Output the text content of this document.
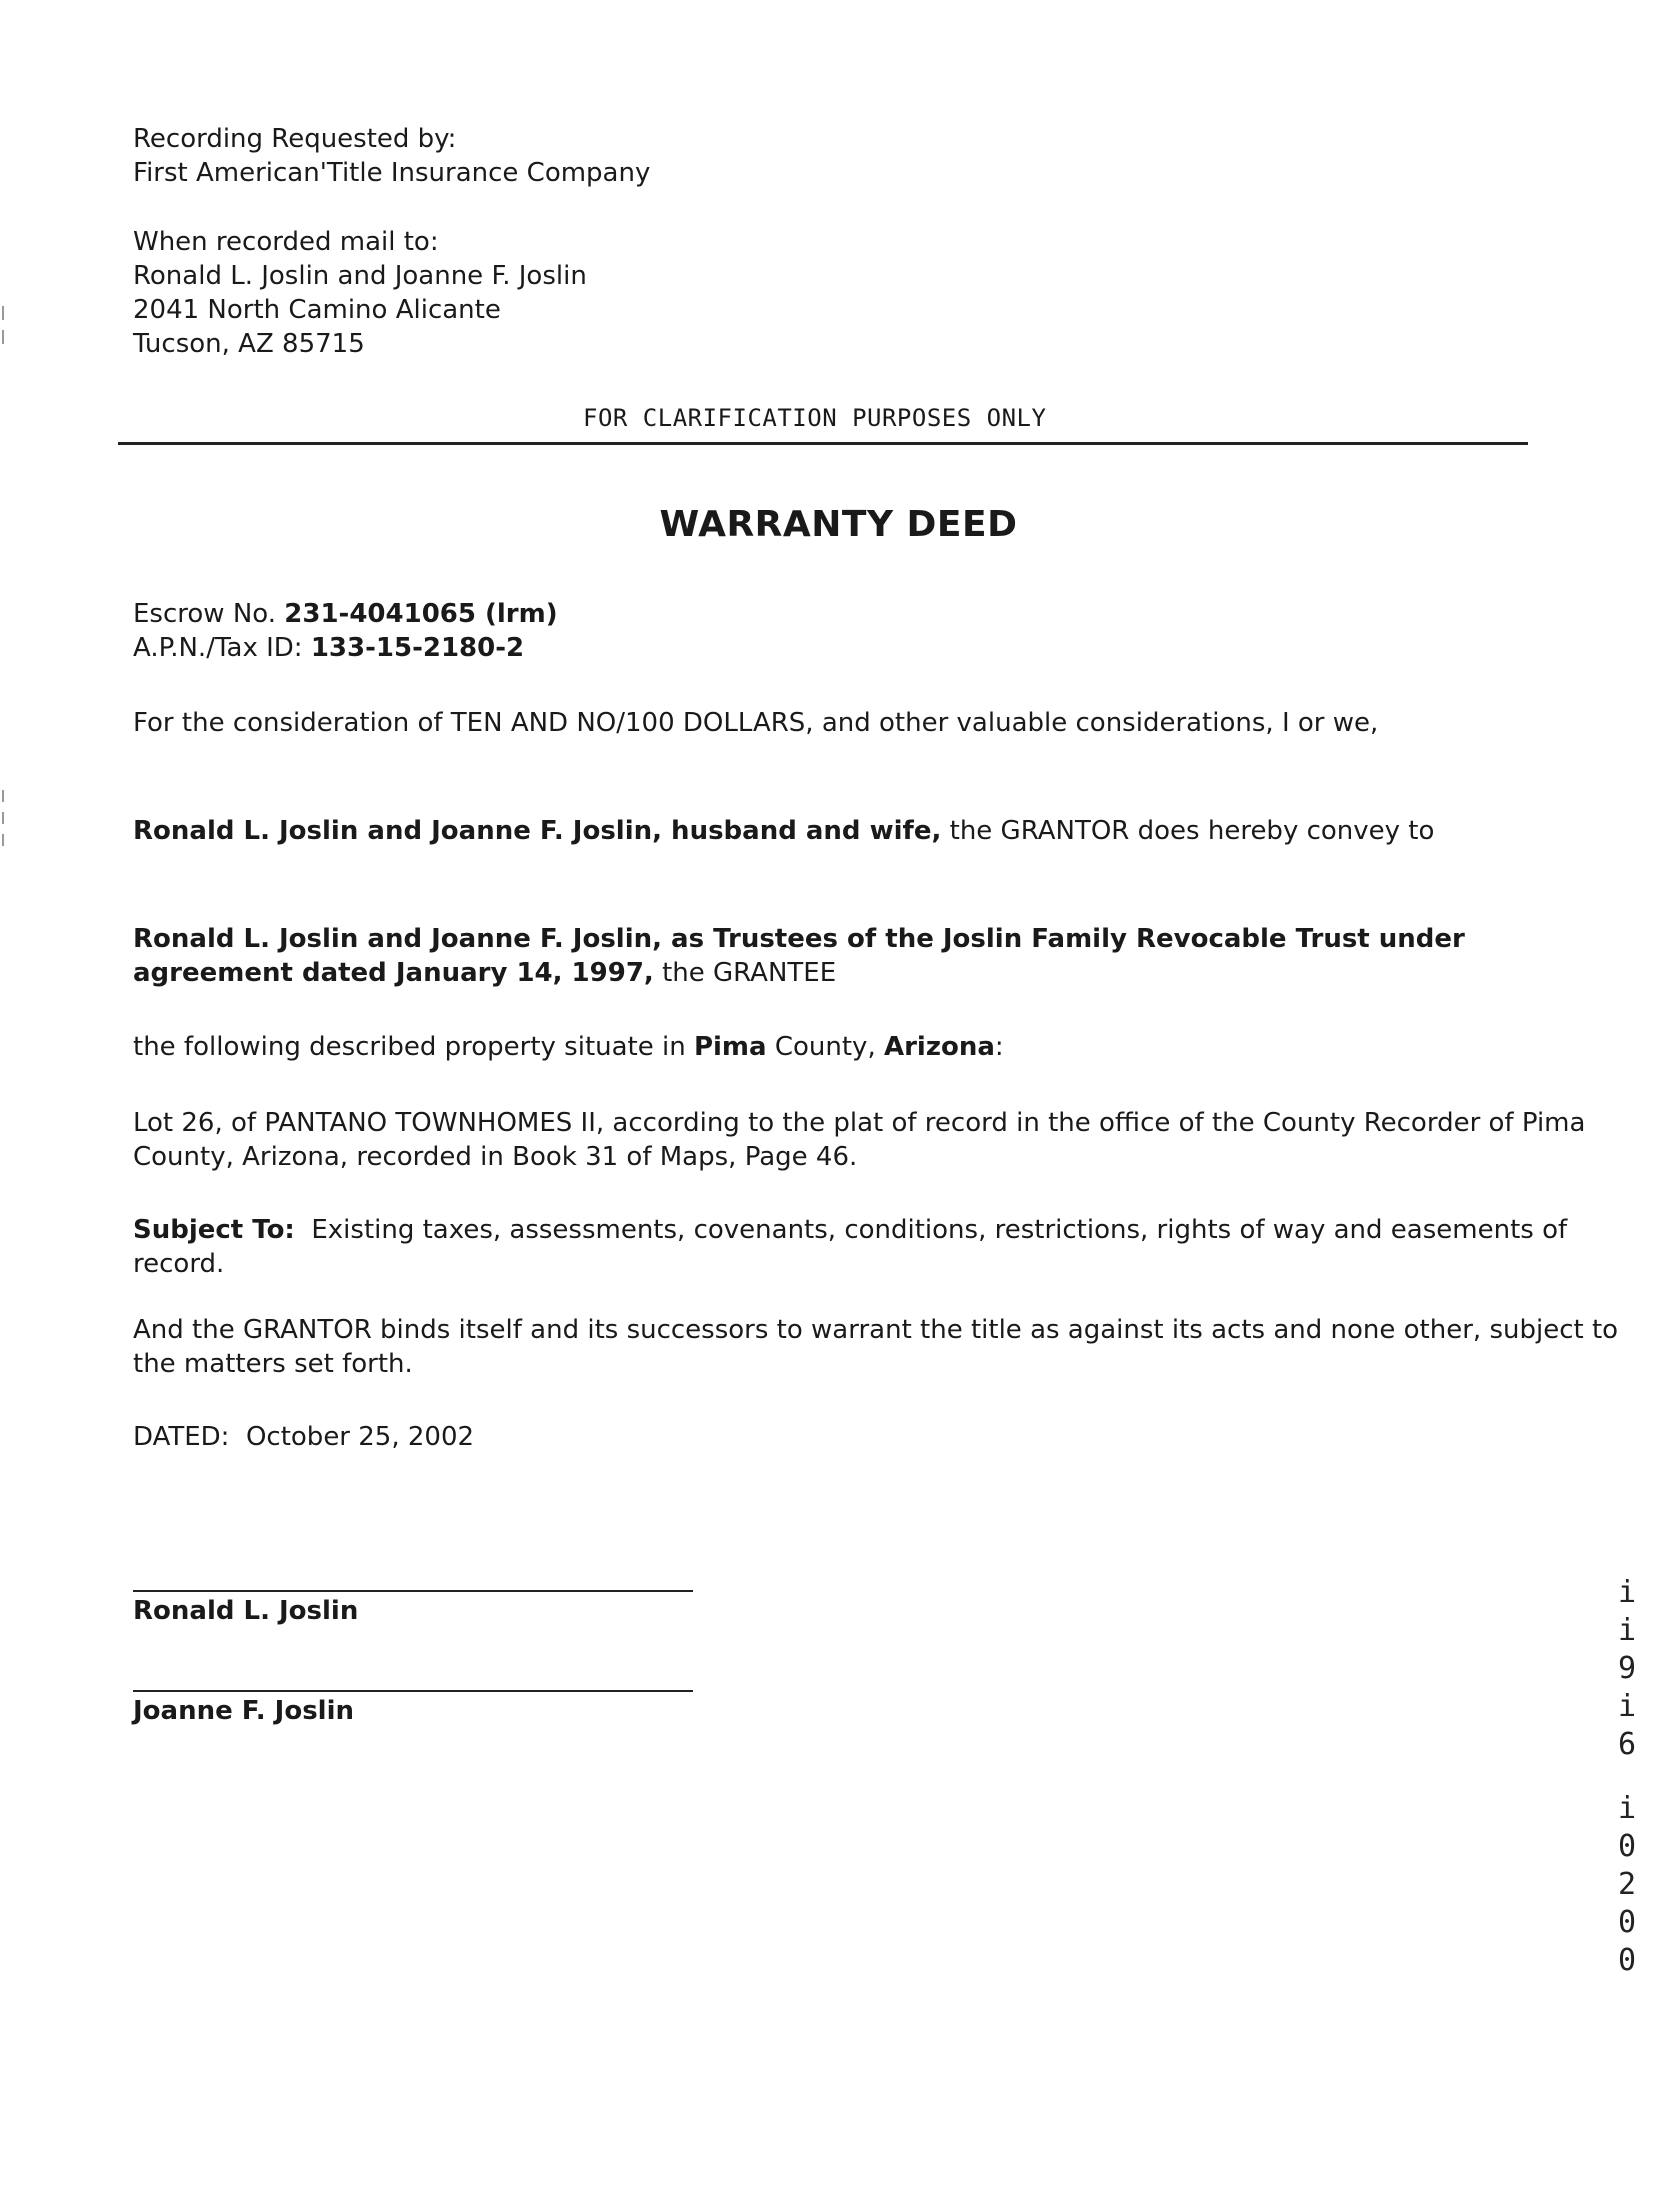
Recording Requested by:
First American'Title Insurance Company
When recorded mail to:
Ronald L. Joslin and Joanne F. Joslin
2041 North Camino Alicante
Tucson, AZ 85715
FOR CLARIFICATION PURPOSES ONLY
WARRANTY DEED
Escrow No. 231-4041065 (lrm)
A.P.N./Tax ID: 133-15-2180-2
For the consideration of TEN AND NO/100 DOLLARS, and other valuable considerations, I or we,
Ronald L. Joslin and Joanne F. Joslin, husband and wife, the GRANTOR does hereby convey to
Ronald L. Joslin and Joanne F. Joslin, as Trustees of the Joslin Family Revocable Trust under
agreement dated January 14, 1997, the GRANTEE
the following described property situate in Pima County, Arizona:
Lot 26, of PANTANO TOWNHOMES II, according to the plat of record in the office of the County Recorder of Pima
County, Arizona, recorded in Book 31 of Maps, Page 46.
Subject To: Existing taxes, assessments, covenants, conditions, restrictions, rights of way and easements of
record.
And the GRANTOR binds itself and its successors to warrant the title as against its acts and none other, subject to
the matters set forth.
DATED:  October 25, 2002
Ronald L. Joslin
Joanne F. Joslin
i
i
9
i
6
i
0
2
0
0
